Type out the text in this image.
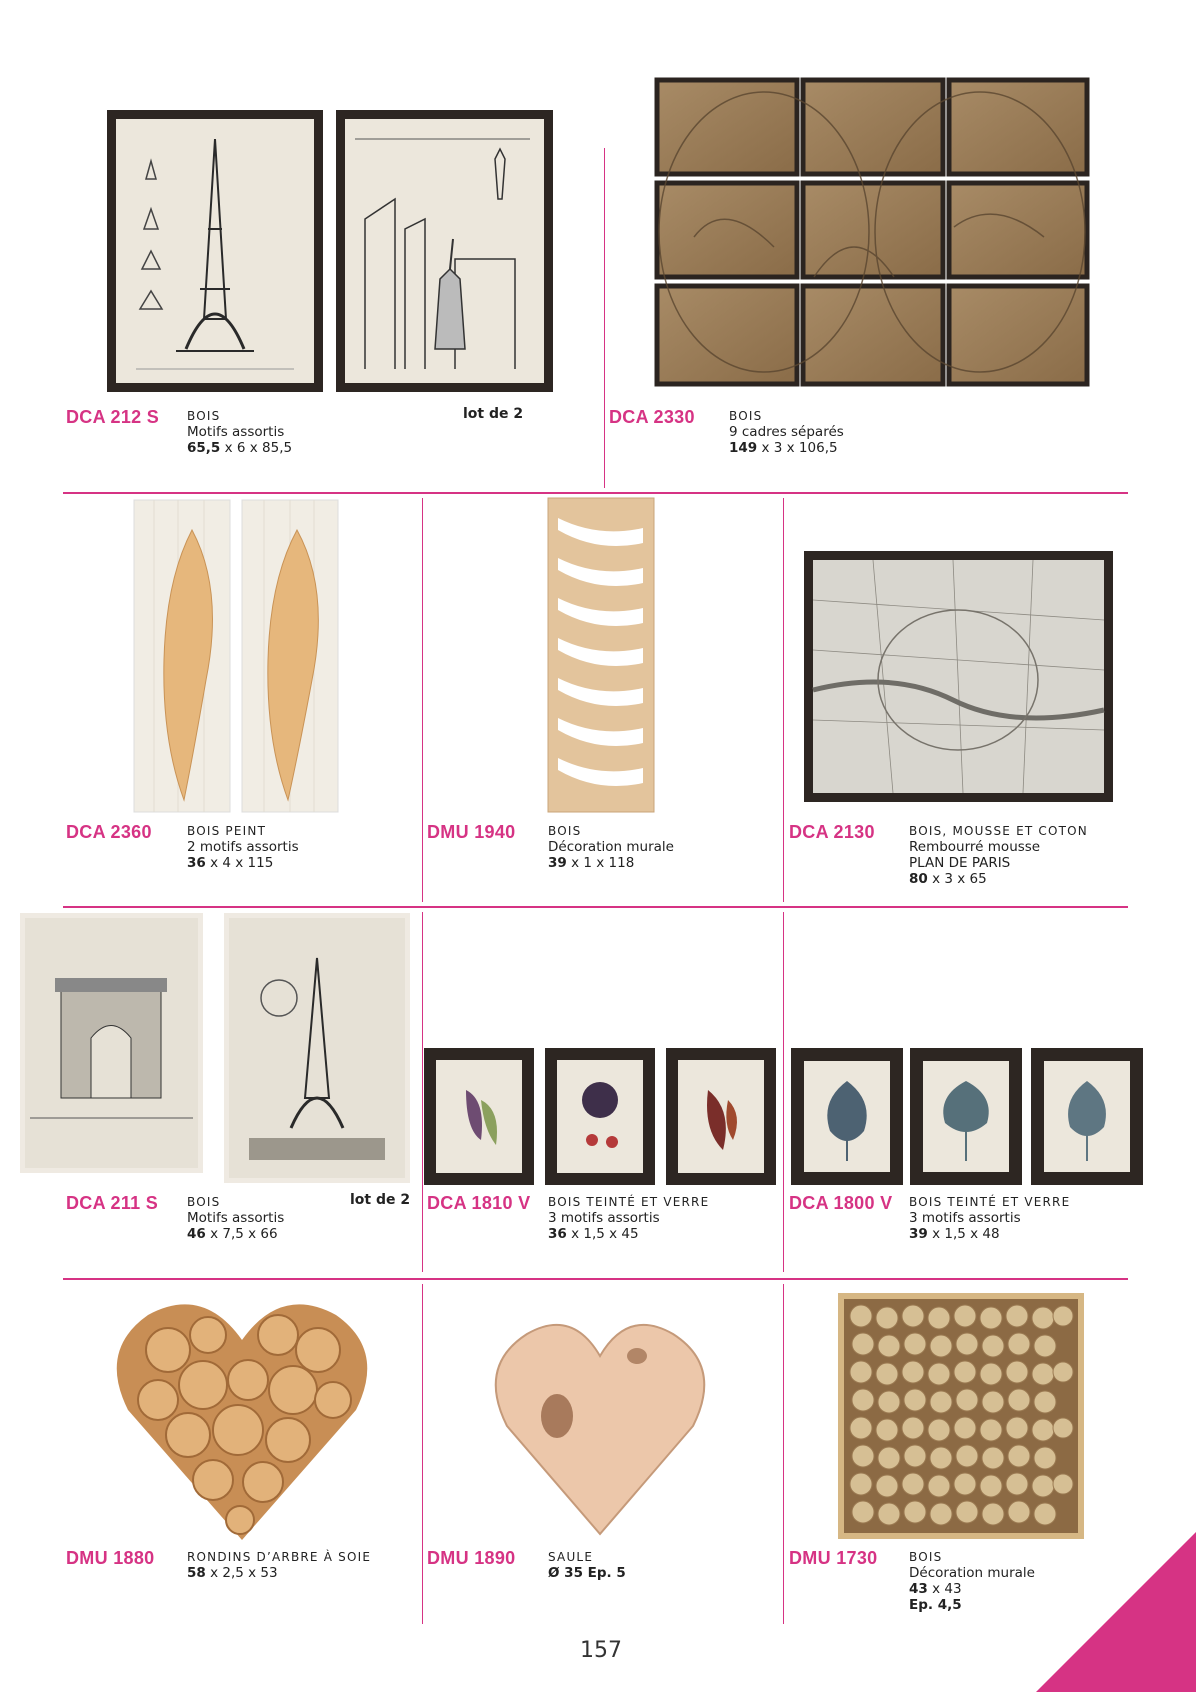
DCA 212 S BOIS
Motifs assortis
65,5 x 6 x 85,5
lot de 2	DCA 2330	BOIS
9 cadres séparés
149 x 3 x 106,5
DCA 2360	BOIS PEINT
2 motifs assortis
36 x 4 x 115
DMU 1940	BOIS
Décoration murale
39 x 1 x 118
DCA 2130	BOIS, MOUSSE ET COTON
Rembourré mousse
PLAN DE PARIS
80 x 3 x 65
DCA 211 S BOIS
Motifs assortis
46 x 7,5 x 66
lot de 2 DCA 1810 V BOIS TEINTÉ ET VERRE
3 motifs assortis
36 x 1,5 x 45
DCA 1800 V BOIS TEINTÉ ET VERRE
3 motifs assortis
39 x 1,5 x 48
DMU 1880	RONDINS D’ARBRE À SOIE
58 x 2,5 x 53
DMU 1890	SAULE
Ø 35 Ep. 5
DMU 1730	BOIS
Décoration murale
43 x 43
Ep. 4,5
157
